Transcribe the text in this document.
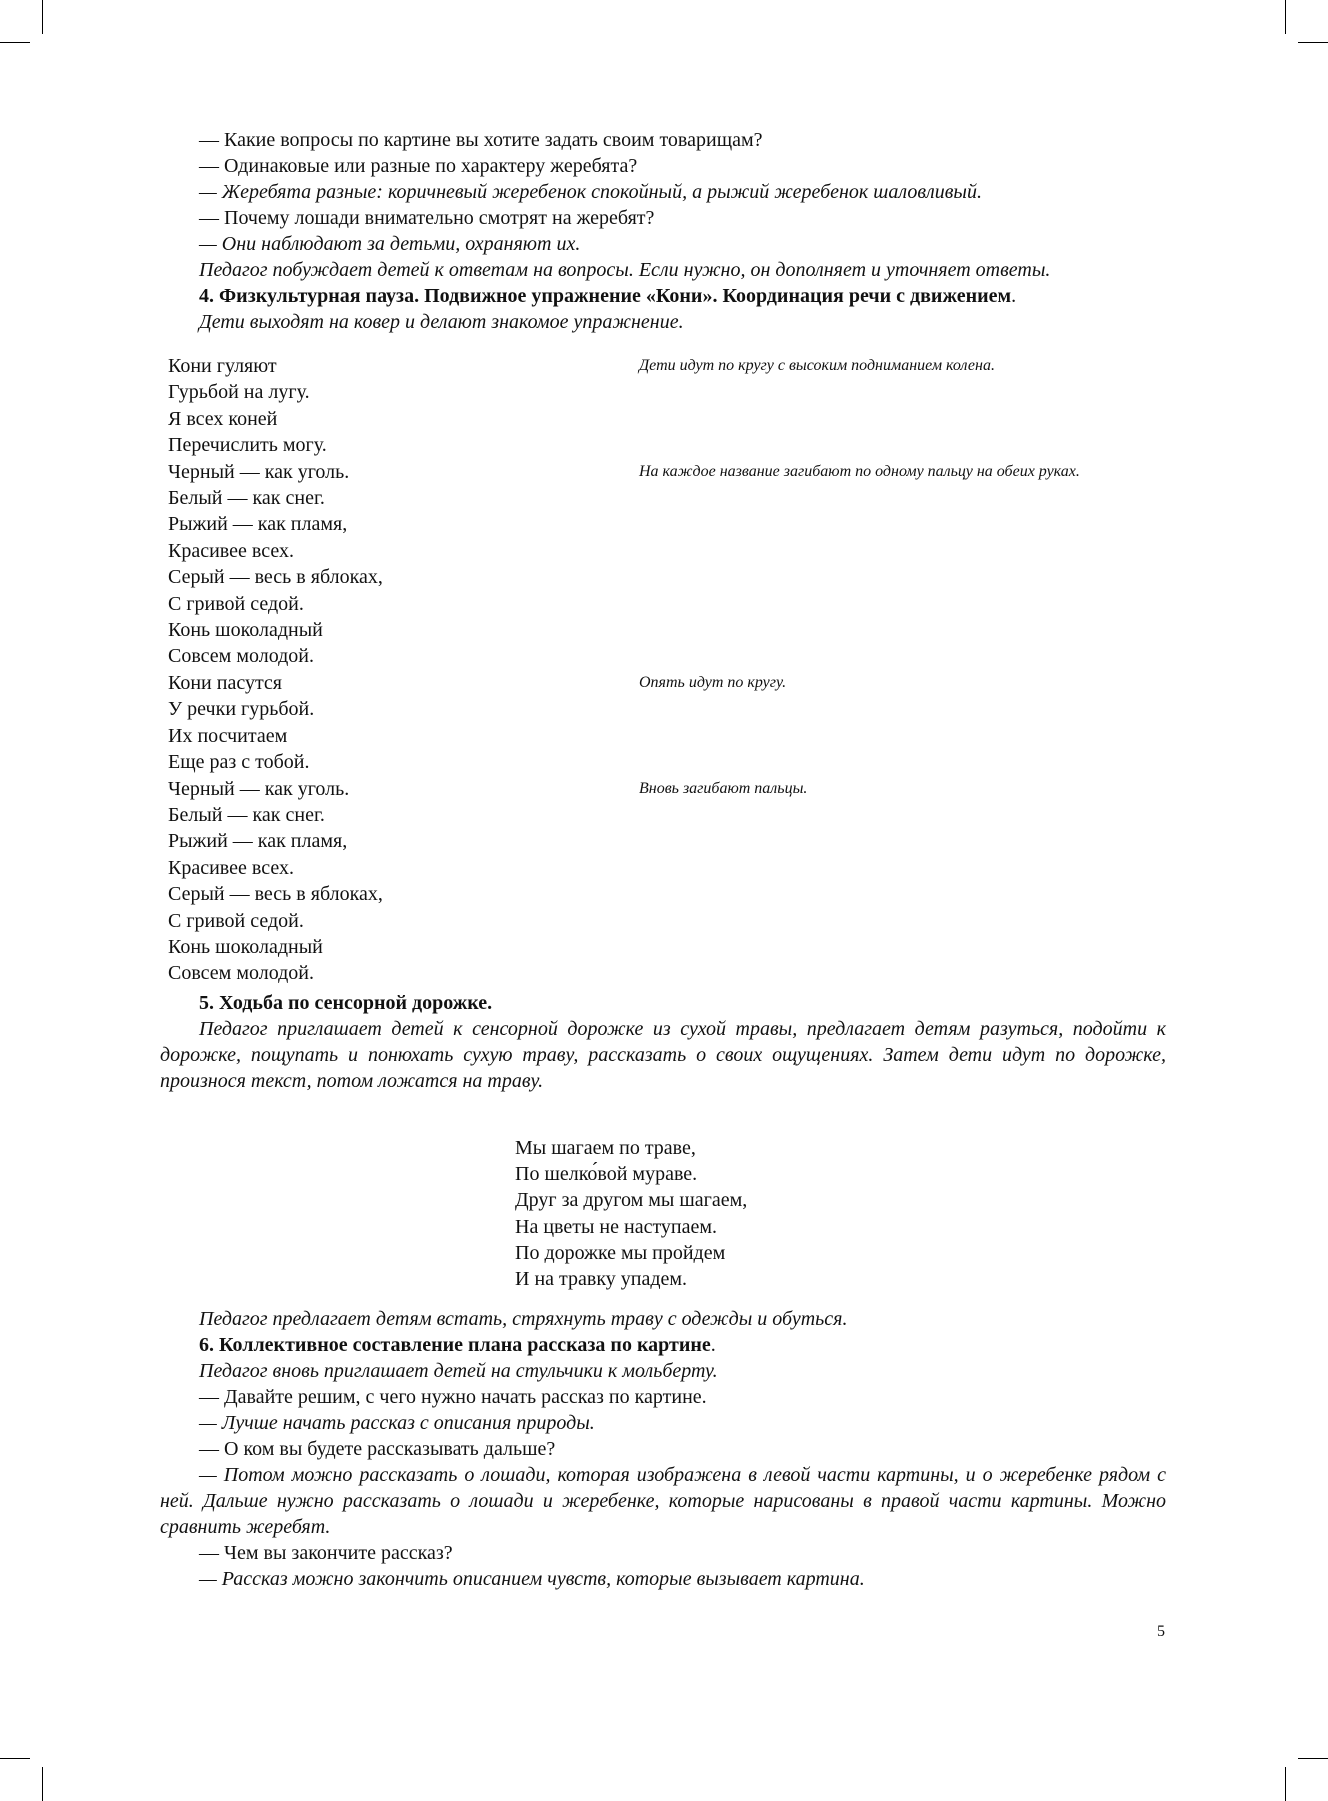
— Какие вопросы по картине вы хотите задать своим товарищам?
— Одинаковые или разные по характеру жеребята?
— Жеребята разные: коричневый жеребенок спокойный, а рыжий жеребенок шаловливый.
— Почему лошади внимательно смотрят на жеребят?
— Они наблюдают за детьми, охраняют их.
Педагог побуждает детей к ответам на вопросы. Если нужно, он дополняет и уточняет ответы.
4. Физкультурная пауза. Подвижное упражнение «Кони». Координация речи с движением.
Дети выходят на ковер и делают знакомое упражнение.
Кони гуляют
Гурьбой на лугу.
Я всех коней
Перечислить могу.
Черный — как уголь.
Белый — как снег.
Рыжий — как пламя,
Красивее всех.
Серый — весь в яблоках,
С гривой седой.
Конь шоколадный
Совсем молодой.
Кони пасутся
У речки гурьбой.
Их посчитаем
Еще раз с тобой.
Черный — как уголь.
Белый — как снег.
Рыжий — как пламя,
Красивее всех.
Серый — весь в яблоках,
С гривой седой.
Конь шоколадный
Совсем молодой.
Дети идут по кругу с высоким подниманием колена.
На каждое название загибают по одному пальцу на обеих руках.
Опять идут по кругу.
Вновь загибают пальцы.
5. Ходьба по сенсорной дорожке.
Педагог приглашает детей к сенсорной дорожке из сухой травы, предлагает детям разуться, подойти к дорожке, пощупать и понюхать сухую траву, рассказать о своих ощущениях. Затем дети идут по дорожке, произнося текст, потом ложатся на траву.
Мы шагаем по траве,
По шелко́вой мураве.
Друг за другом мы шагаем,
На цветы не наступаем.
По дорожке мы пройдем
И на травку упадем.
Педагог предлагает детям встать, стряхнуть траву с одежды и обуться.
6. Коллективное составление плана рассказа по картине.
Педагог вновь приглашает детей на стульчики к мольберту.
— Давайте решим, с чего нужно начать рассказ по картине.
— Лучше начать рассказ с описания природы.
— О ком вы будете рассказывать дальше?
— Потом можно рассказать о лошади, которая изображена в левой части картины, и о жеребенке рядом с ней. Дальше нужно рассказать о лошади и жеребенке, которые нарисованы в правой части картины. Можно сравнить жеребят.
— Чем вы закончите рассказ?
— Рассказ можно закончить описанием чувств, которые вызывает картина.
5
